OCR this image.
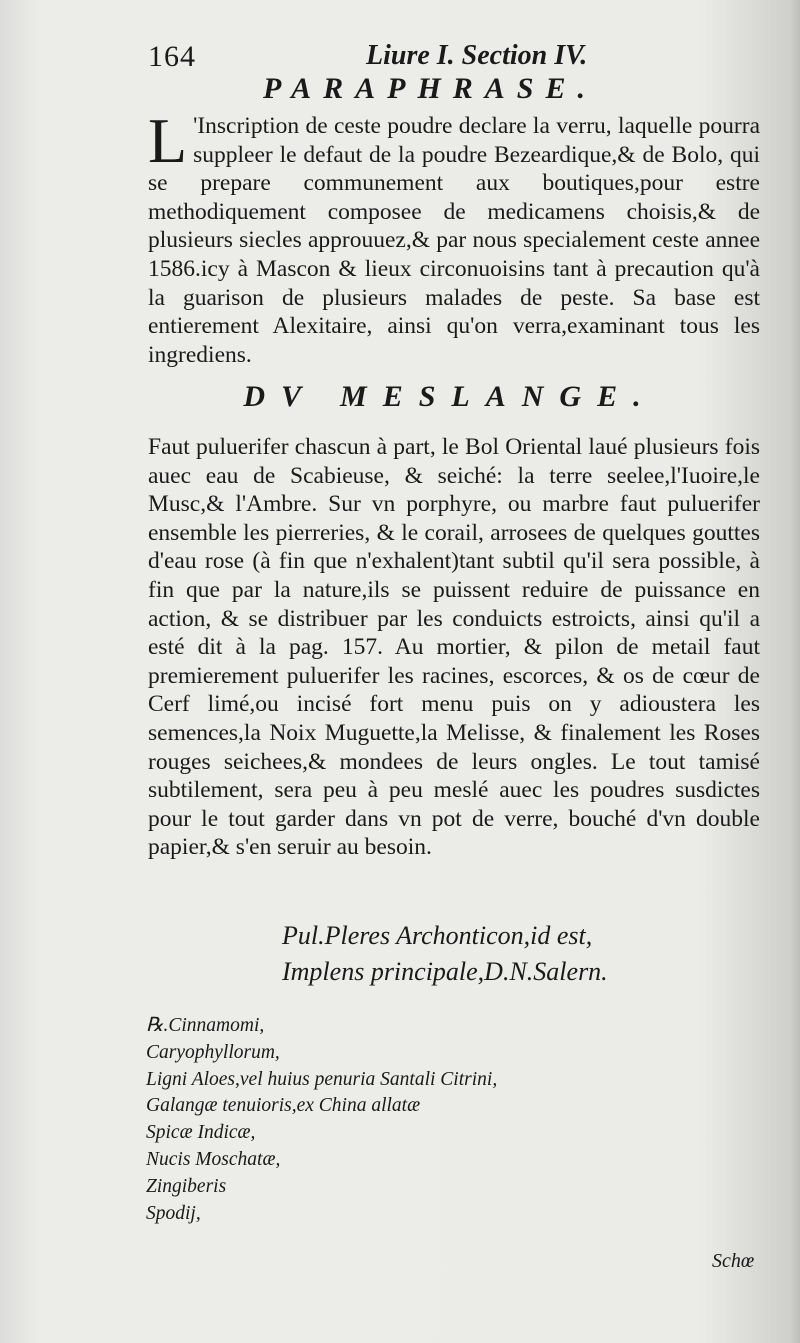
164	Liure I. Section IV.
PARAPHRASE.
L 'Inscription de ceste poudre declare la verru, laquelle pourra suppleer le defaut de la poudre Bezeardique,& de Bolo, qui se prepare communement aux boutiques,pour estre methodiquement composee de medicamens choisis,& de plusieurs siecles approuuez,& par nous specialement ceste annee 1586.icy à Mascon & lieux circonuoisins tant à precaution qu'à la guarison de plusieurs malades de peste. Sa base est entierement Alexitaire, ainsi qu'on verra,examinant tous les ingrediens.
DV MESLANGE.
Faut puluerifer chascun à part, le Bol Oriental laué plusieurs fois auec eau de Scabieuse, & seiché: la terre seelee,l'Iuoire,le Musc,& l'Ambre. Sur vn porphyre, ou marbre faut puluerifer ensemble les pierreries, & le corail, arrosees de quelques gouttes d'eau rose (à fin que n'exhalent)tant subtil qu'il sera possible, à fin que par la nature,ils se puissent reduire de puissance en action, & se distribuer par les conduicts estroicts, ainsi qu'il a esté dit à la pag. 157. Au mortier, & pilon de metail faut premierement puluerifer les racines, escorces, & os de cœur de Cerf limé,ou incisé fort menu puis on y adioustera les semences,la Noix Muguette,la Melisse, & finalement les Roses rouges seichees,& mondees de leurs ongles. Le tout tamisé subtilement, sera peu à peu meslé auec les poudres susdictes pour le tout garder dans vn pot de verre, bouché d'vn double papier,& s'en seruir au besoin.
Pul.Pleres Archonticon,id est,
Implens principale,D.N.Salern.
℞.Cinnamomi,
Caryophyllorum,
Ligni Aloes,vel huius penuria Santali Citrini,
Galangæ tenuioris,ex China allatæ
Spicæ Indicæ,
Nucis Moschatæ,
Zingiberis
Spodij,
Schœ
